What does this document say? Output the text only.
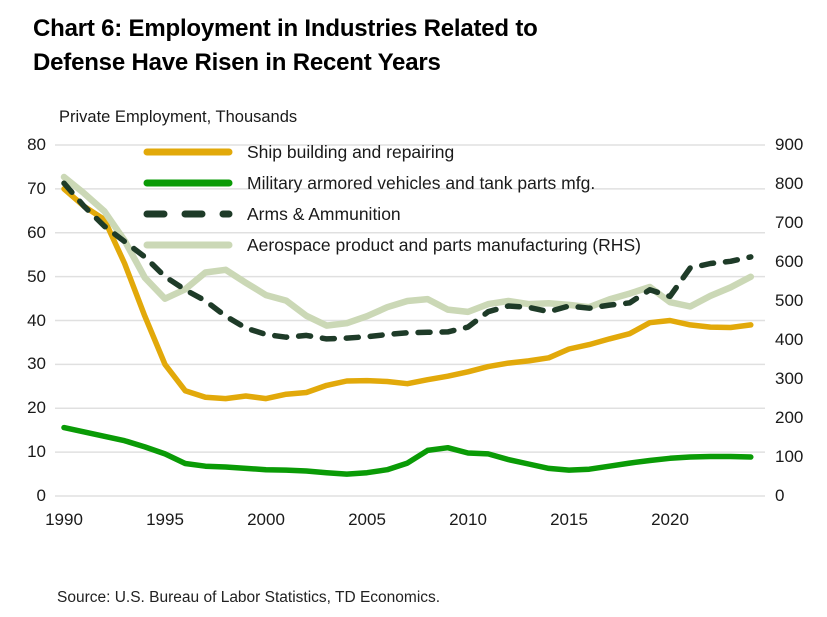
Chart 6: Employment in Industries Related to
Defense Have Risen in Recent Years
Private Employment, Thousands
Ship building and repairing
Military armored vehicles and tank parts mfg.
Arms & Ammunition
Aerospace product and parts manufacturing (RHS)
0
10
20
30
40
50
60
70
80
0
100
200
300
400
500
600
700
800
900
1990	1995	2000	2005	2010	2015	2020
Source: U.S. Bureau of Labor Statistics, TD Economics.
